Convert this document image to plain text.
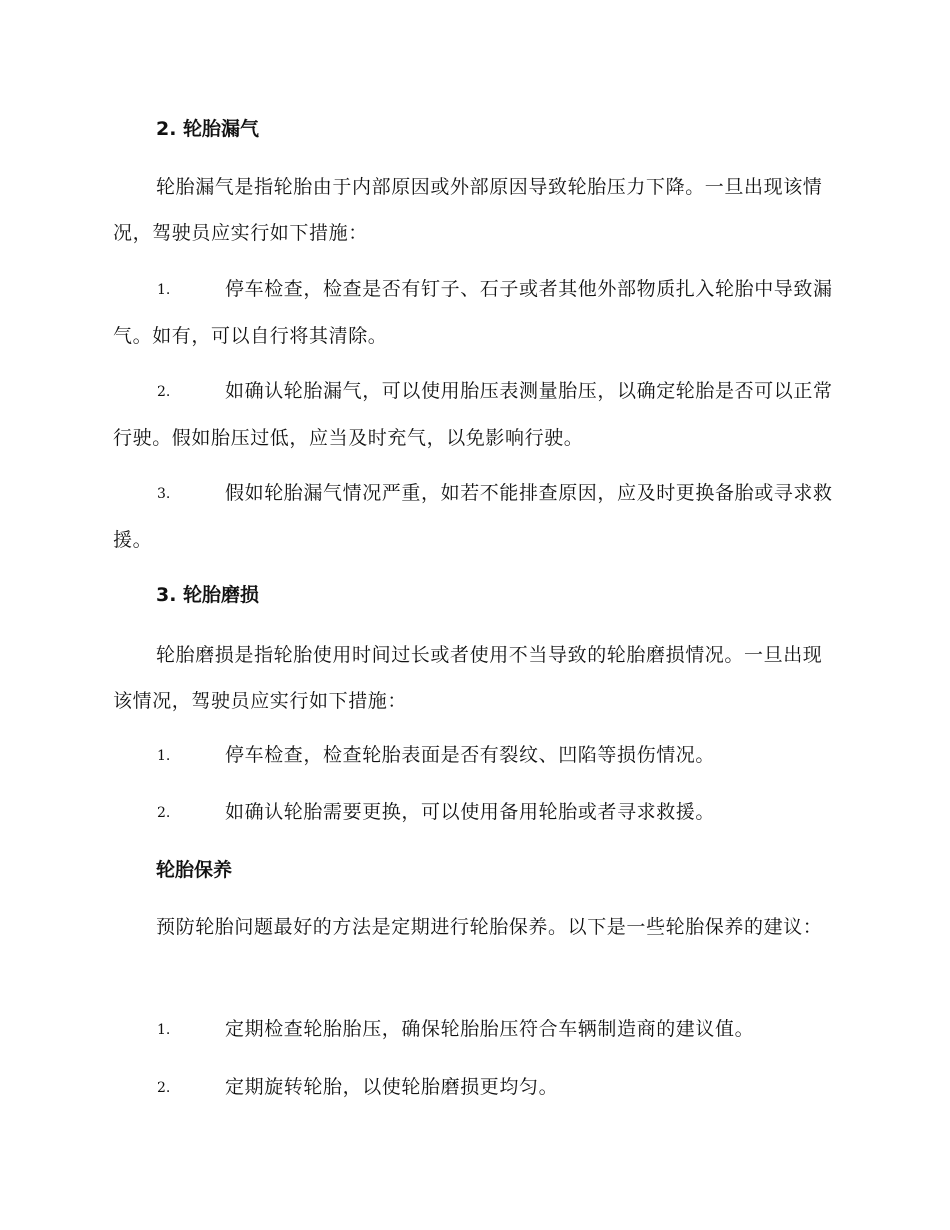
2. 轮胎漏气

轮胎漏气是指轮胎由于内部原因或外部原因导致轮胎压力下降。一旦出现该情况，驾驶员应实行如下措施：

1.	停车检查，检查是否有钉子、石子或者其他外部物质扎入轮胎中导致漏气。如有，可以自行将其清除。

2.	如确认轮胎漏气，可以使用胎压表测量胎压，以确定轮胎是否可以正常行驶。假如胎压过低，应当及时充气，以免影响行驶。

3.	假如轮胎漏气情况严重，如若不能排查原因，应及时更换备胎或寻求救援。

3. 轮胎磨损

轮胎磨损是指轮胎使用时间过长或者使用不当导致的轮胎磨损情况。一旦出现该情况，驾驶员应实行如下措施：

1.	停车检查，检查轮胎表面是否有裂纹、凹陷等损伤情况。

2.	如确认轮胎需要更换，可以使用备用轮胎或者寻求救援。

轮胎保养

预防轮胎问题最好的方法是定期进行轮胎保养。以下是一些轮胎保养的建议：

1.	定期检查轮胎胎压，确保轮胎胎压符合车辆制造商的建议值。

2.	定期旋转轮胎，以使轮胎磨损更均匀。
